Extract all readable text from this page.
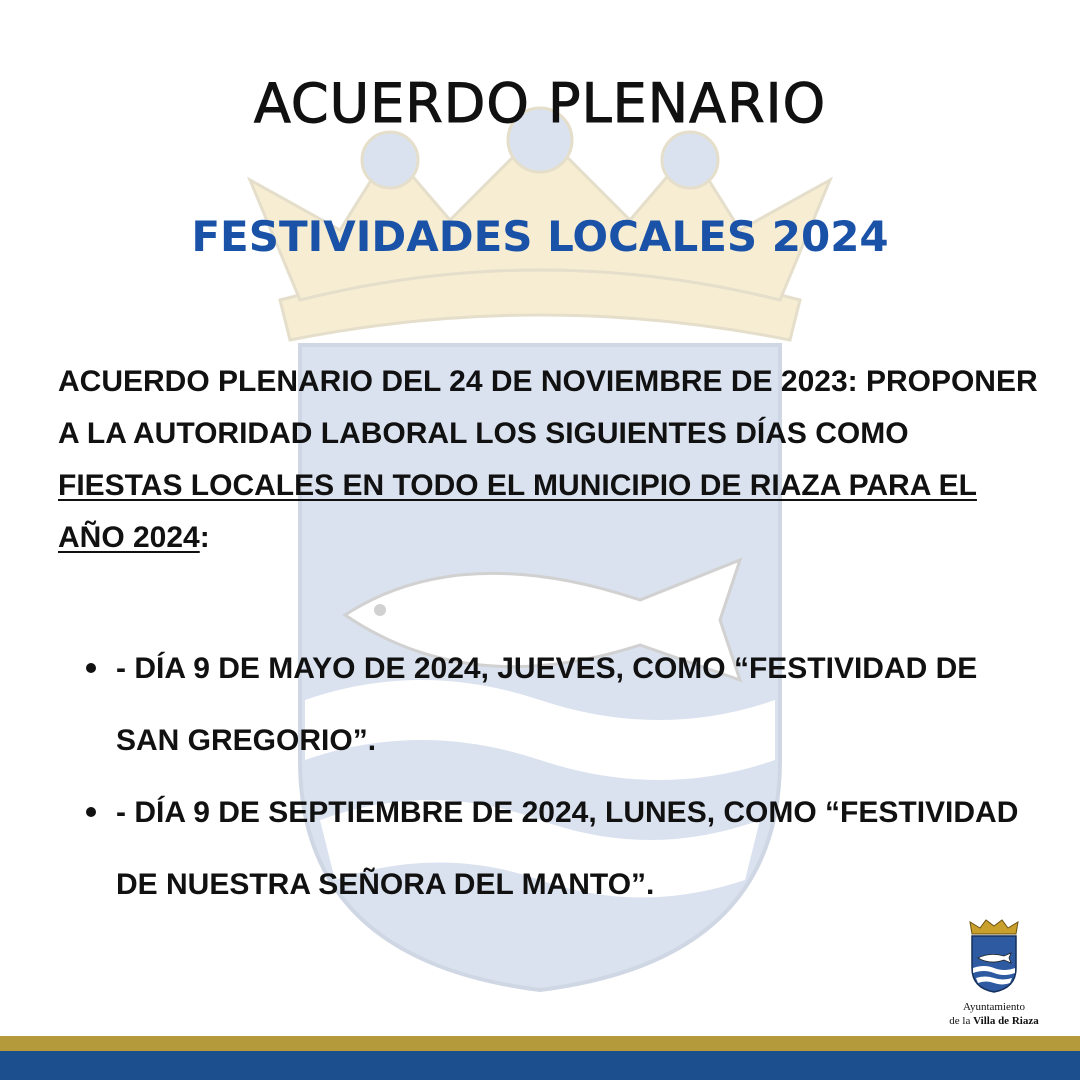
ACUERDO PLENARIO
FESTIVIDADES LOCALES 2024
ACUERDO PLENARIO DEL 24 DE NOVIEMBRE DE 2023: PROPONER A LA AUTORIDAD LABORAL LOS SIGUIENTES DÍAS COMO FIESTAS LOCALES EN TODO EL MUNICIPIO DE RIAZA PARA EL AÑO 2024:
- DÍA 9 DE MAYO DE 2024, JUEVES, COMO “FESTIVIDAD DE SAN GREGORIO”.
- DÍA 9 DE SEPTIEMBRE DE 2024, LUNES, COMO “FESTIVIDAD DE NUESTRA SEÑORA DEL MANTO”.
Ayuntamiento
de la Villa de Riaza
